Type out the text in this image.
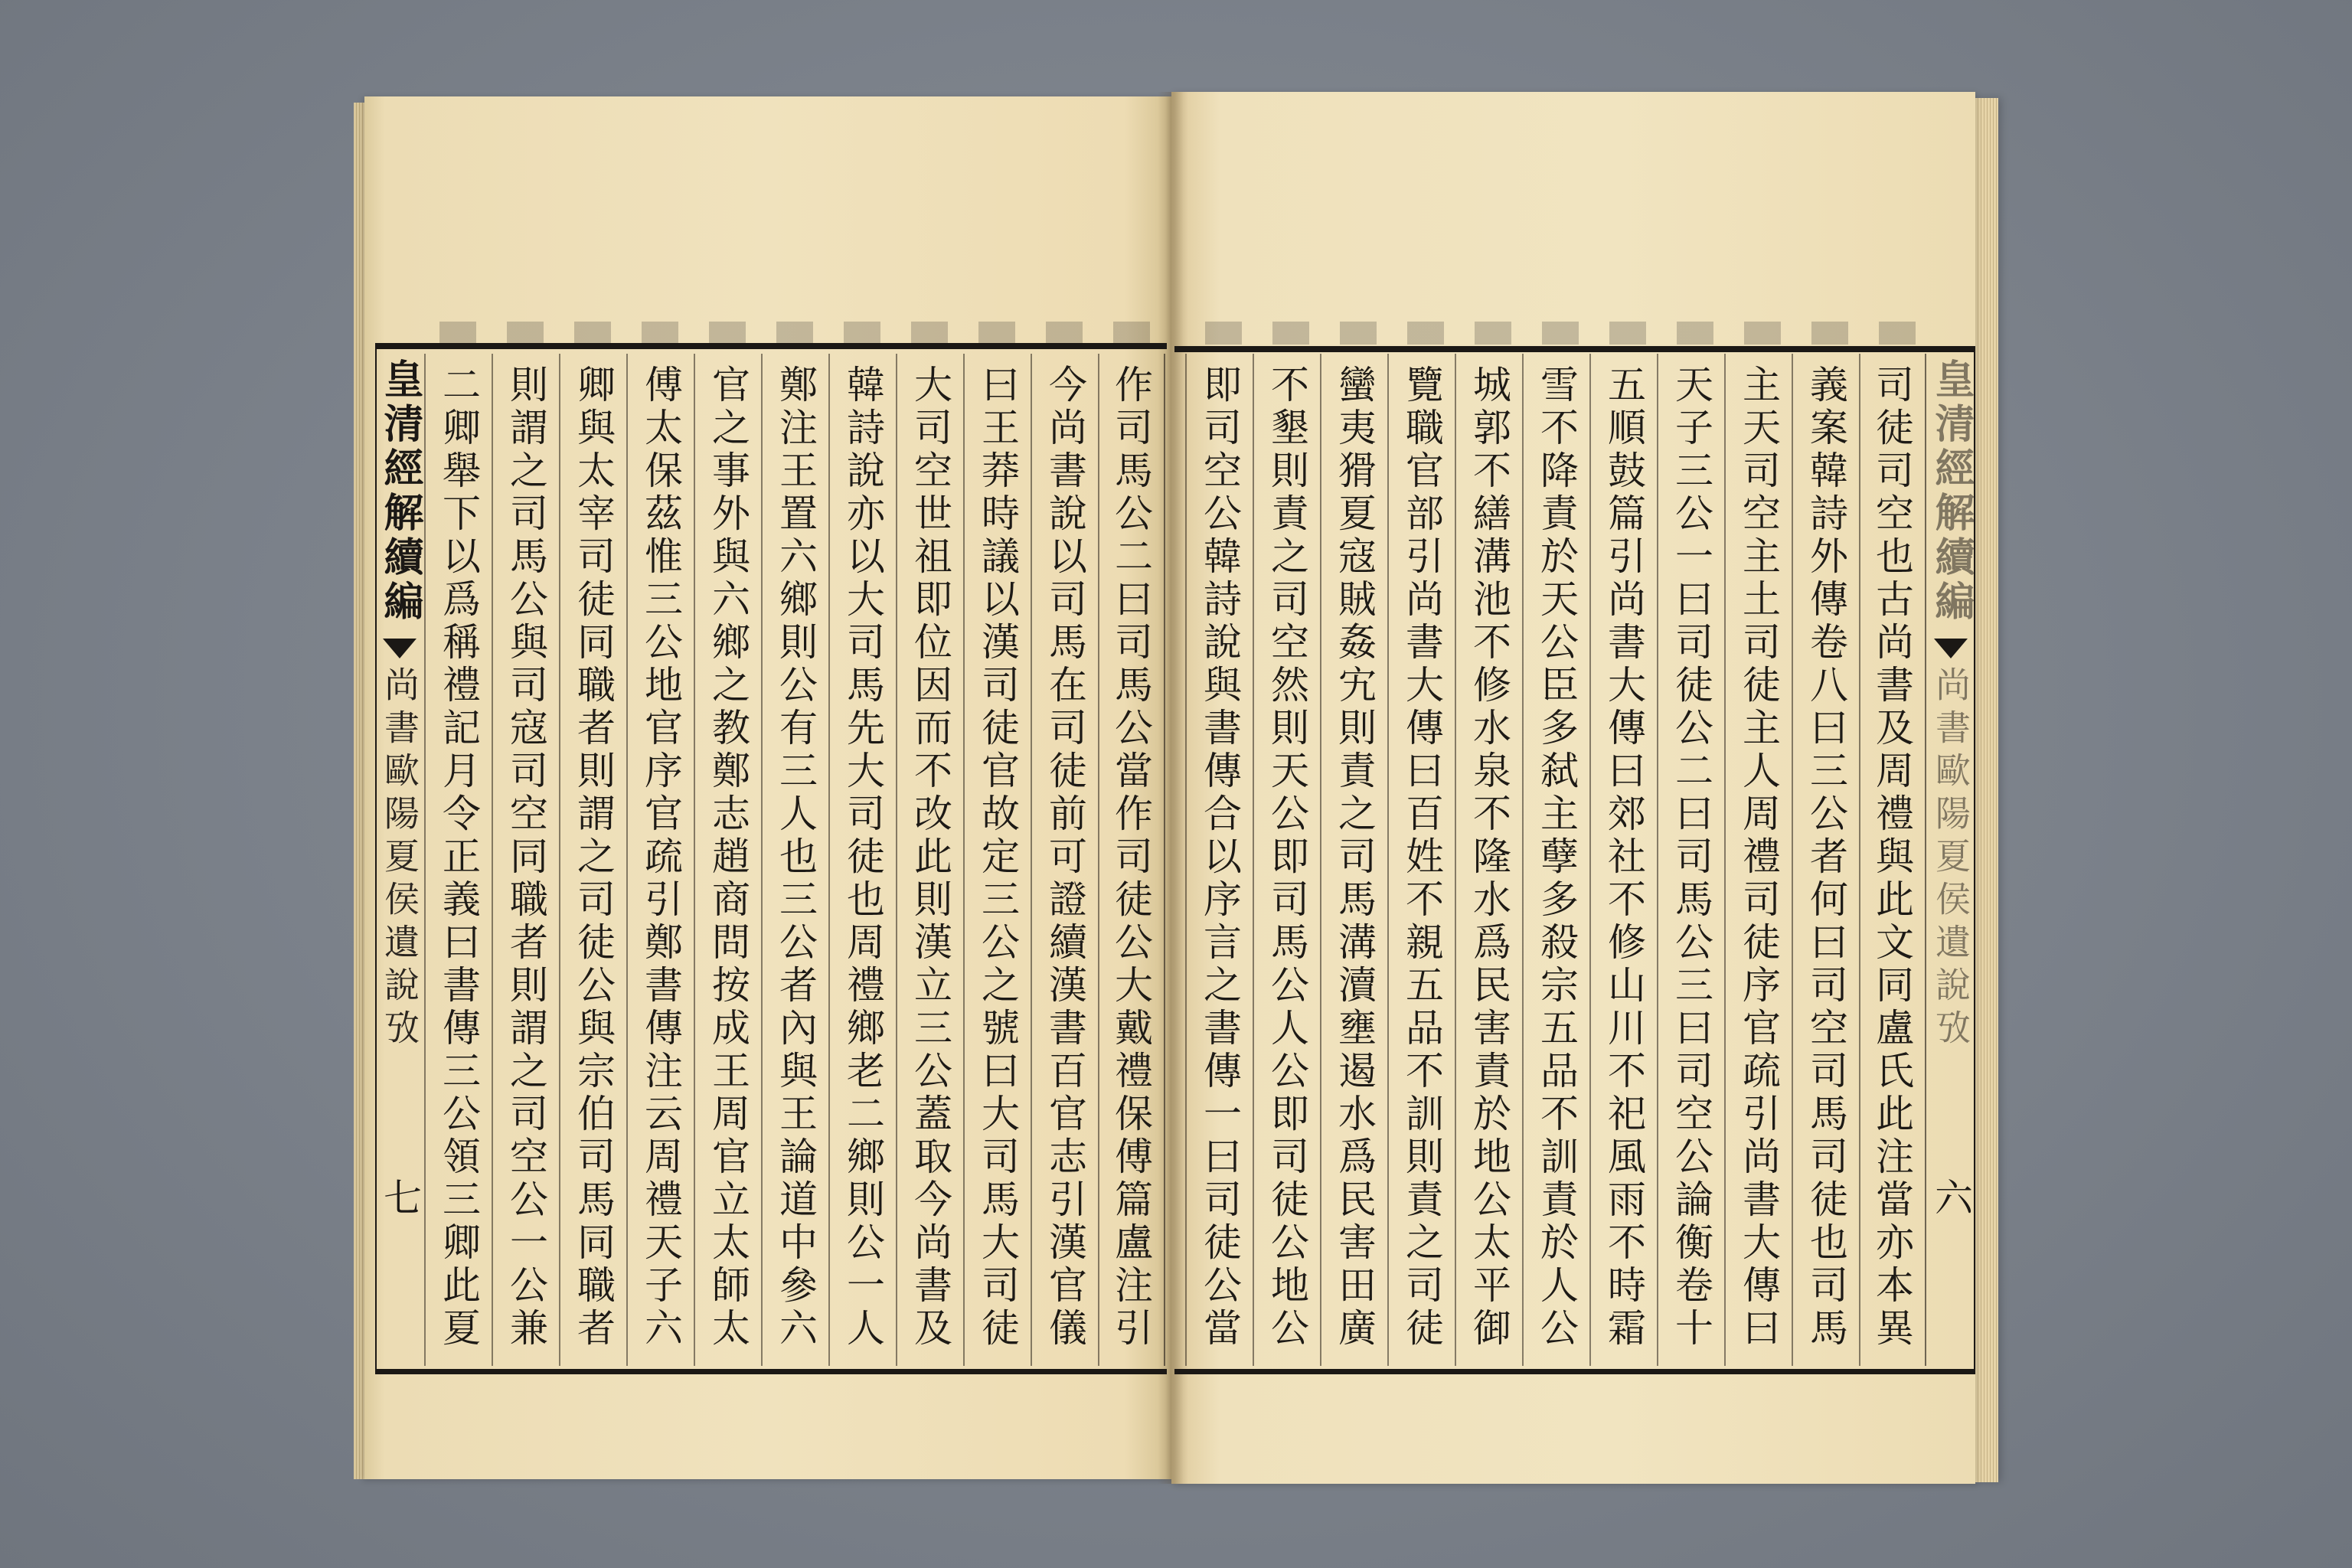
皇清經解續編
尚書歐陽夏侯遺說攷
七	作司馬公二曰司馬公當作司徒公大戴禮保傅篇盧注引
今尚書說以司馬在司徒前可證續漢書百官志引漢官儀
曰王莽時議以漢司徒官故定三公之號曰大司馬大司徒
大司空世祖即位因而不改此則漢立三公蓋取今尚書及
韓詩說亦以大司馬先大司徒也周禮鄉老二鄉則公一人
鄭注王置六鄉則公有三人也三公者內與王論道中參六
官之事外與六鄉之教鄭志趙商問按成王周官立太師太
傅太保茲惟三公地官序官疏引鄭書傳注云周禮天子六
卿與太宰司徒同職者則謂之司徒公與宗伯司馬同職者
則謂之司馬公與司寇司空同職者則謂之司空公一公兼
二卿舉下以爲稱禮記月令正義曰書傳三公領三卿此夏	司徒司空也古尚書及周禮與此文同盧氏此注當亦本異
義案韓詩外傳卷八曰三公者何曰司空司馬司徒也司馬
主天司空主土司徒主人周禮司徒序官疏引尚書大傳曰
天子三公一曰司徒公二曰司馬公三曰司空公論衡卷十
五順鼓篇引尚書大傳曰郊社不修山川不祀風雨不時霜
雪不降責於天公臣多弑主孽多殺宗五品不訓責於人公
城郭不繕溝池不修水泉不隆水爲民害責於地公太平御
覽職官部引尚書大傳曰百姓不親五品不訓則責之司徒
蠻夷猾夏寇賊姦宄則責之司馬溝瀆壅遏水爲民害田廣
不墾則責之司空然則天公即司馬公人公即司徒公地公
即司空公韓詩說與書傳合以序言之書傳一曰司徒公當	皇清經解續編
尚書歐陽夏侯遺說攷
六
